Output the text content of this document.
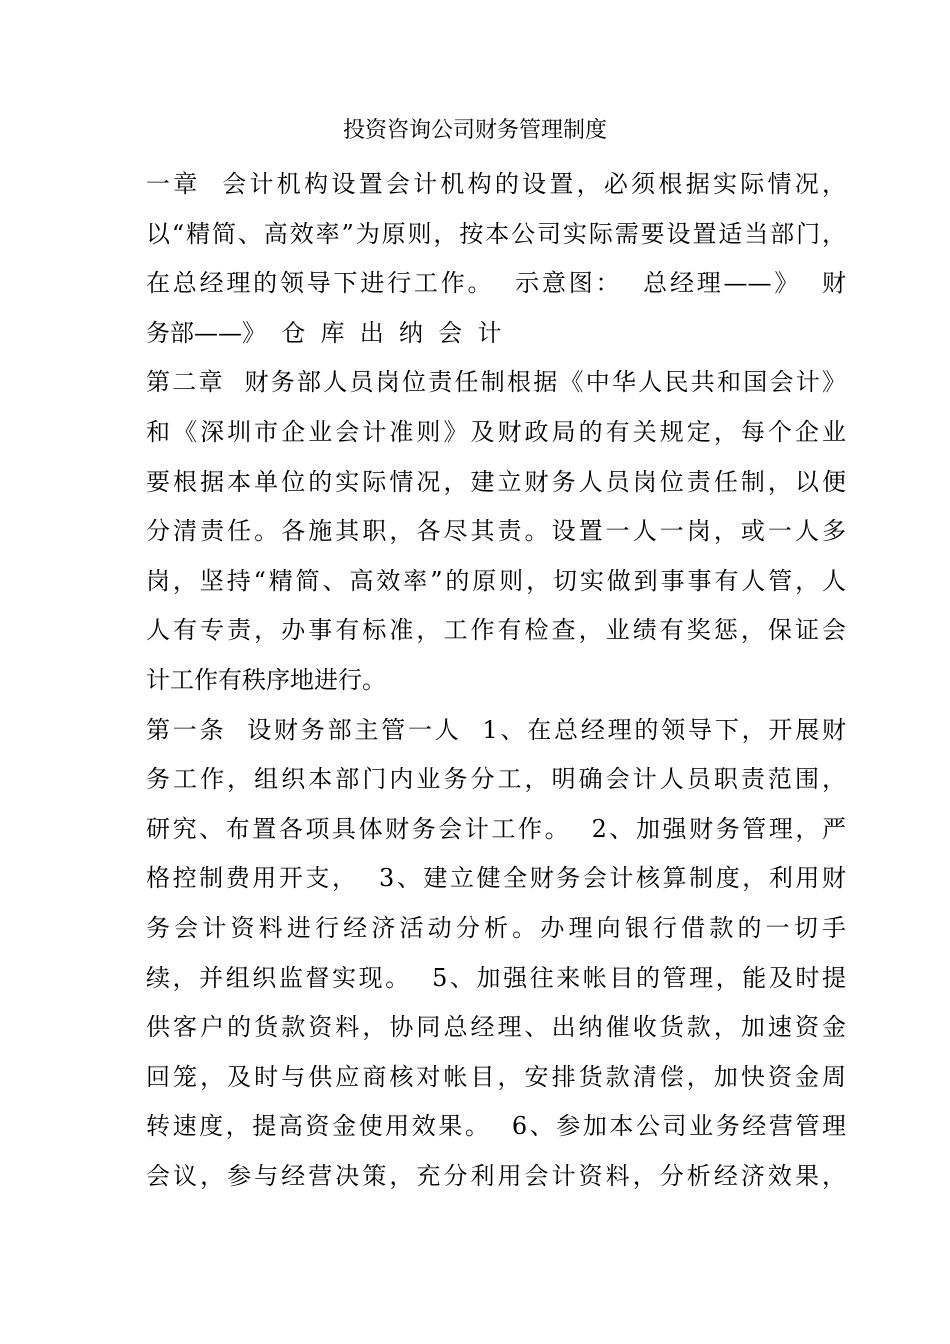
投资咨询公司财务管理制度
一章  会计机构设置会计机构的设置，必须根据实际情况，
以“精简、高效率”为原则，按本公司实际需要设置适当部门，
在总经理的领导下进行工作。  示意图：  总经理——》  财
务部——》  仓  库  出  纳  会  计
第二章  财务部人员岗位责任制根据《中华人民共和国会计》
和《深圳市企业会计准则》及财政局的有关规定，每个企业
要根据本单位的实际情况，建立财务人员岗位责任制，以便
分清责任。各施其职，各尽其责。设置一人一岗，或一人多
岗，坚持“精简、高效率”的原则，切实做到事事有人管，人
人有专责，办事有标准，工作有检查，业绩有奖惩，保证会
计工作有秩序地进行。
第一条  设财务部主管一人  1、在总经理的领导下，开展财
务工作，组织本部门内业务分工，明确会计人员职责范围，
研究、布置各项具体财务会计工作。  2、加强财务管理，严
格控制费用开支，  3、建立健全财务会计核算制度，利用财
务会计资料进行经济活动分析。办理向银行借款的一切手
续，并组织监督实现。  5、加强往来帐目的管理，能及时提
供客户的货款资料，协同总经理、出纳催收货款，加速资金
回笼，及时与供应商核对帐目，安排货款清偿，加快资金周
转速度，提高资金使用效果。  6、参加本公司业务经营管理
会议，参与经营决策，充分利用会计资料，分析经济效果，
